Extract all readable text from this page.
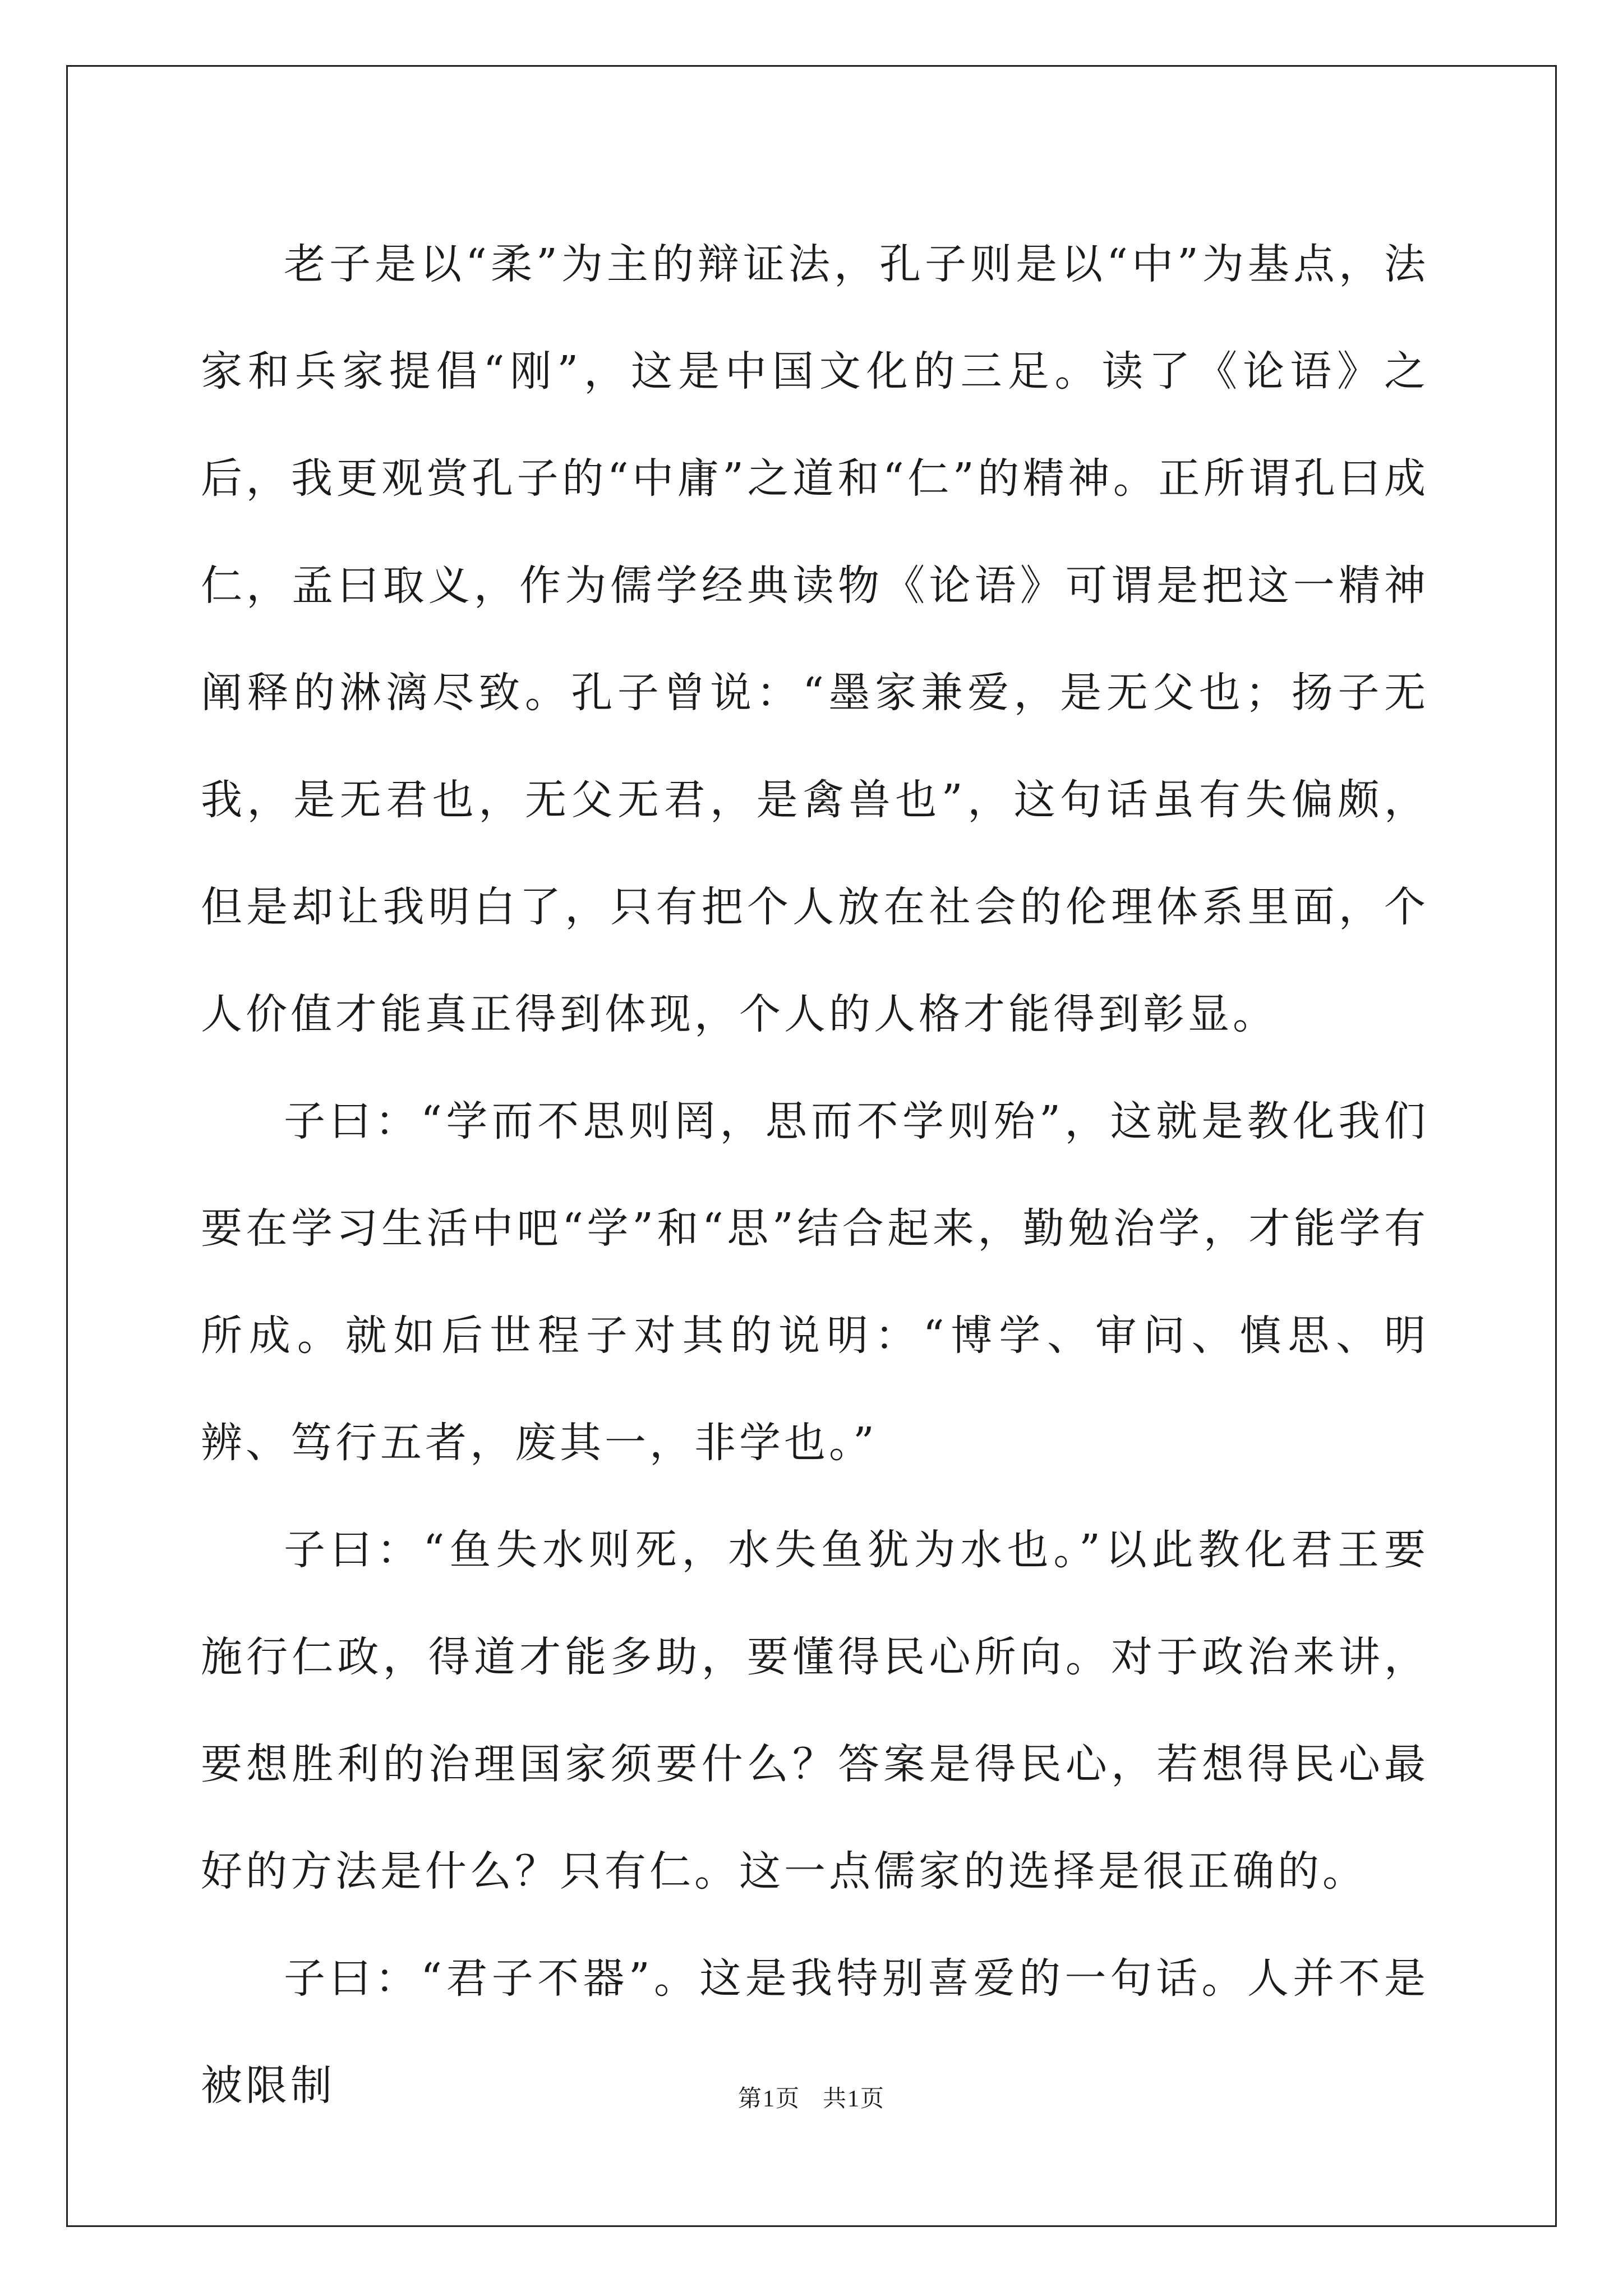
老子是以“柔”为主的辩证法，孔子则是以“中”为基点，法家和兵家提倡“刚”，这是中国文化的三足。读了《论语》之后，我更观赏孔子的“中庸”之道和“仁”的精神。正所谓孔曰成仁，孟曰取义，作为儒学经典读物《论语》可谓是把这一精神阐释的淋漓尽致。孔子曾说：“墨家兼爱，是无父也；扬子无我，是无君也，无父无君，是禽兽也”，这句话虽有失偏颇，但是却让我明白了，只有把个人放在社会的伦理体系里面，个人价值才能真正得到体现，个人的人格才能得到彰显。

子曰：“学而不思则罔，思而不学则殆”，这就是教化我们要在学习生活中吧“学”和“思”结合起来，勤勉治学，才能学有所成。就如后世程子对其的说明：“博学、审问、慎思、明辨、笃行五者，废其一，非学也。”

子曰：“鱼失水则死，水失鱼犹为水也。”以此教化君王要施行仁政，得道才能多助，要懂得民心所向。对于政治来讲，要想胜利的治理国家须要什么？答案是得民心，若想得民心最好的方法是什么？只有仁。这一点儒家的选择是很正确的。

子曰：“君子不器”。这是我特别喜爱的一句话。人并不是被限制	第1页 共1页
